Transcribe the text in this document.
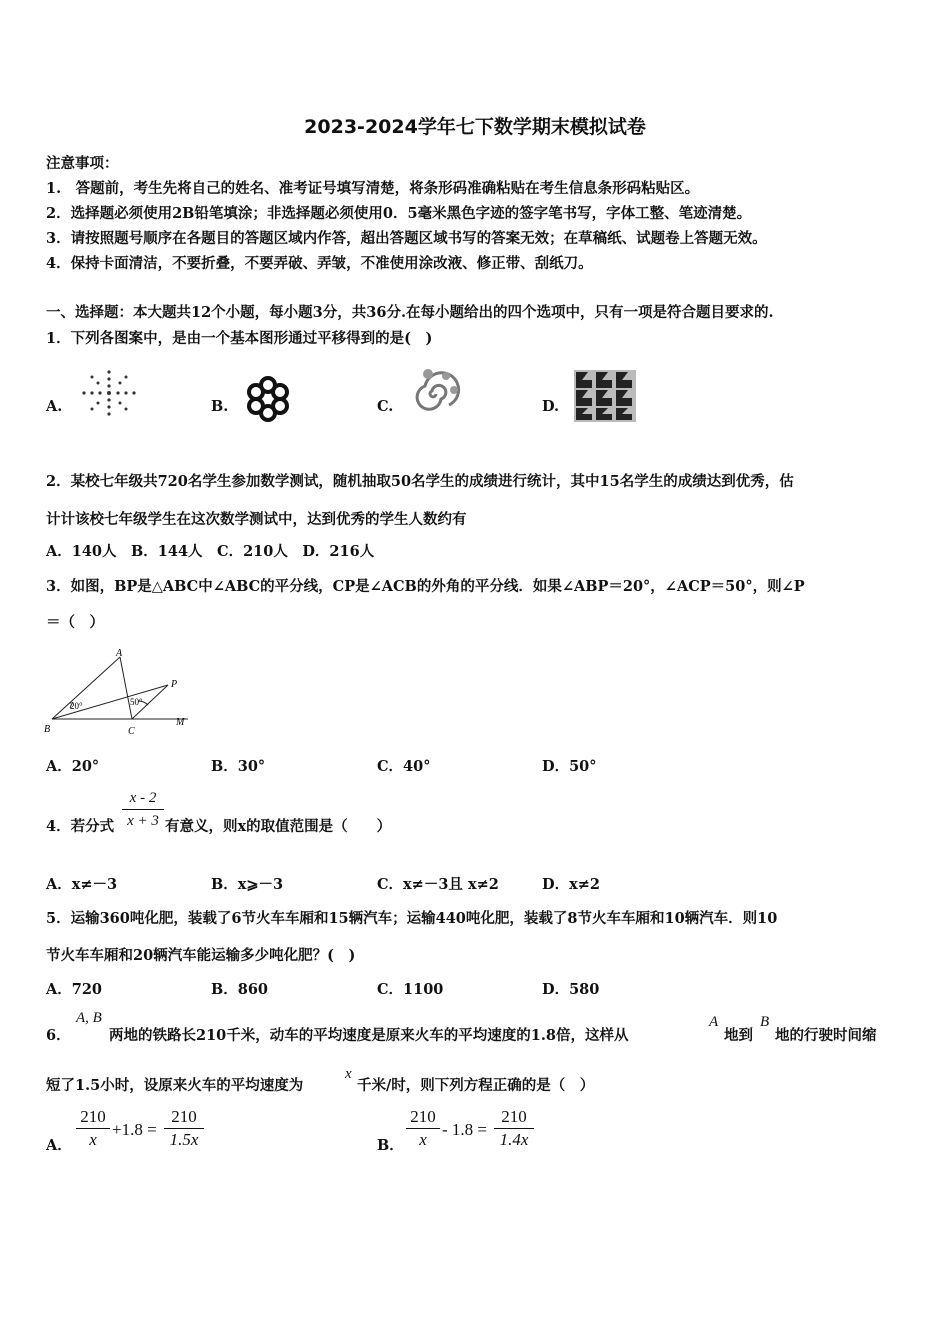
2023-2024学年七下数学期末模拟试卷
注意事项：
1.　答题前，考生先将自己的姓名、准考证号填写清楚，将条形码准确粘贴在考生信息条形码粘贴区。
2．选择题必须使用2B铅笔填涂；非选择题必须使用0．5毫米黑色字迹的签字笔书写，字体工整、笔迹清楚。
3．请按照题号顺序在各题目的答题区域内作答，超出答题区域书写的答案无效；在草稿纸、试题卷上答题无效。
4．保持卡面清洁，不要折叠，不要弄破、弄皱，不准使用涂改液、修正带、刮纸刀。
一、选择题：本大题共12个小题，每小题3分，共36分.在每小题给出的四个选项中，只有一项是符合题目要求的.
1．下列各图案中，是由一个基本图形通过平移得到的是(　)
A.	B.	C.	D.
2．某校七年级共720名学生参加数学测试，随机抽取50名学生的成绩进行统计，其中15名学生的成绩达到优秀，估
计计该校七年级学生在这次数学测试中，达到优秀的学生人数约有
A．140人　B．144人　C．210人　D．216人
3．如图，BP是△ABC中∠ABC的平分线，CP是∠ACB的外角的平分线．如果∠ABP＝20°，∠ACP＝50°，则∠P
＝（　）
A
B	C
P
M
20°	50°
A．20°	B．30°	C．40°	D．50°
4．若分式
x - 2
x + 3 有意义，则x的取值范围是（　　）
A．x≠－3	B．x⩾－3	C．x≠－3且 x≠2	D．x≠2
5．运输360吨化肥，装载了6节火车车厢和15辆汽车；运输440吨化肥，装载了8节火车车厢和10辆汽车．则10
节火车车厢和20辆汽车能运输多少吨化肥？(　)
A．720	B．860	C．1100	D．580
6．
A, B
两地的铁路长210千米，动车的平均速度是原来火车的平均速度的1.8倍，这样从
A
地到
B
地的行驶时间缩
短了1.5小时，设原来火车的平均速度为
x
千米/时，则下列方程正确的是（　）
A．
210
x
+1.8 =
210
1.5x	B．
210
x
- 1.8 =
210
1.4x
